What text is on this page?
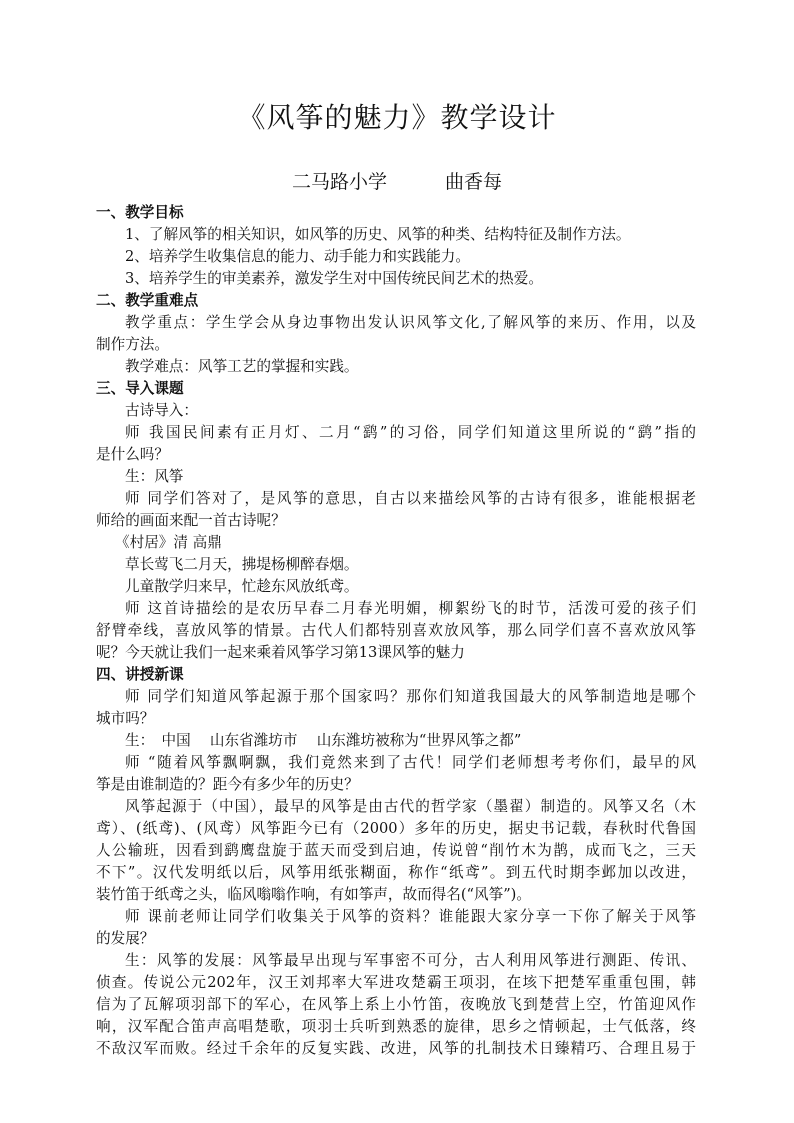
《风筝的魅力》教学设计
二马路小学	曲香每
一、教学目标
1、了解风筝的相关知识，如风筝的历史、风筝的种类、结构特征及制作方法。
2、培养学生收集信息的能力、动手能力和实践能力。
3、培养学生的审美素养，激发学生对中国传统民间艺术的热爱。
二、教学重难点
教学重点：学生学会从身边事物出发认识风筝文化,了解风筝的来历、作用，以及
制作方法。
教学难点：风筝工艺的掌握和实践。
三、导入课题
古诗导入：
师 我国民间素有正月灯、二月“鹞”的习俗，同学们知道这里所说的“鹞”指的
是什么吗？
生：风筝
师 同学们答对了，是风筝的意思，自古以来描绘风筝的古诗有很多，谁能根据老
师给的画面来配一首古诗呢？
《村居》清 高鼎
草长莺飞二月天，拂堤杨柳醉春烟。
儿童散学归来早，忙趁东风放纸鸢。
师 这首诗描绘的是农历早春二月春光明媚，柳絮纷飞的时节，活泼可爱的孩子们
舒臂牵线，喜放风筝的情景。古代人们都特别喜欢放风筝，那么同学们喜不喜欢放风筝
呢？今天就让我们一起来乘着风筝学习第13课风筝的魅力
四、讲授新课
师 同学们知道风筝起源于那个国家吗？那你们知道我国最大的风筝制造地是哪个
城市吗？
生：　中国　 山东省潍坊市　 山东潍坊被称为“世界风筝之都”
师 “随着风筝飘啊飘，我们竟然来到了古代！同学们老师想考考你们，最早的风
筝是由谁制造的？距今有多少年的历史？
风筝起源于（中国），最早的风筝是由古代的哲学家（墨翟）制造的。风筝又名（木
鸢）、(纸鸢)、(风鸢）风筝距今已有（2000）多年的历史，据史书记载，春秋时代鲁国
人公输班，因看到鹞鹰盘旋于蓝天而受到启迪，传说曾“削竹木为鹊，成而飞之，三天
不下”。汉代发明纸以后，风筝用纸张糊面，称作“纸鸢”。到五代时期李邺加以改进，
装竹笛于纸鸢之头，临风嗡嗡作响，有如筝声，故而得名(“风筝”)。
师 课前老师让同学们收集关于风筝的资料？谁能跟大家分享一下你了解关于风筝
的发展？
生：风筝的发展：风筝最早出现与军事密不可分，古人利用风筝进行测距、传讯、
侦查。传说公元202年，汉王刘邦率大军进攻楚霸王项羽，在垓下把楚军重重包围，韩
信为了瓦解项羽部下的军心，在风筝上系上小竹笛，夜晚放飞到楚营上空，竹笛迎风作
响，汉军配合笛声高唱楚歌，项羽士兵听到熟悉的旋律，思乡之情顿起，士气低落，终
不敌汉军而败。经过千余年的反复实践、改进，风筝的扎制技术日臻精巧、合理且易于
